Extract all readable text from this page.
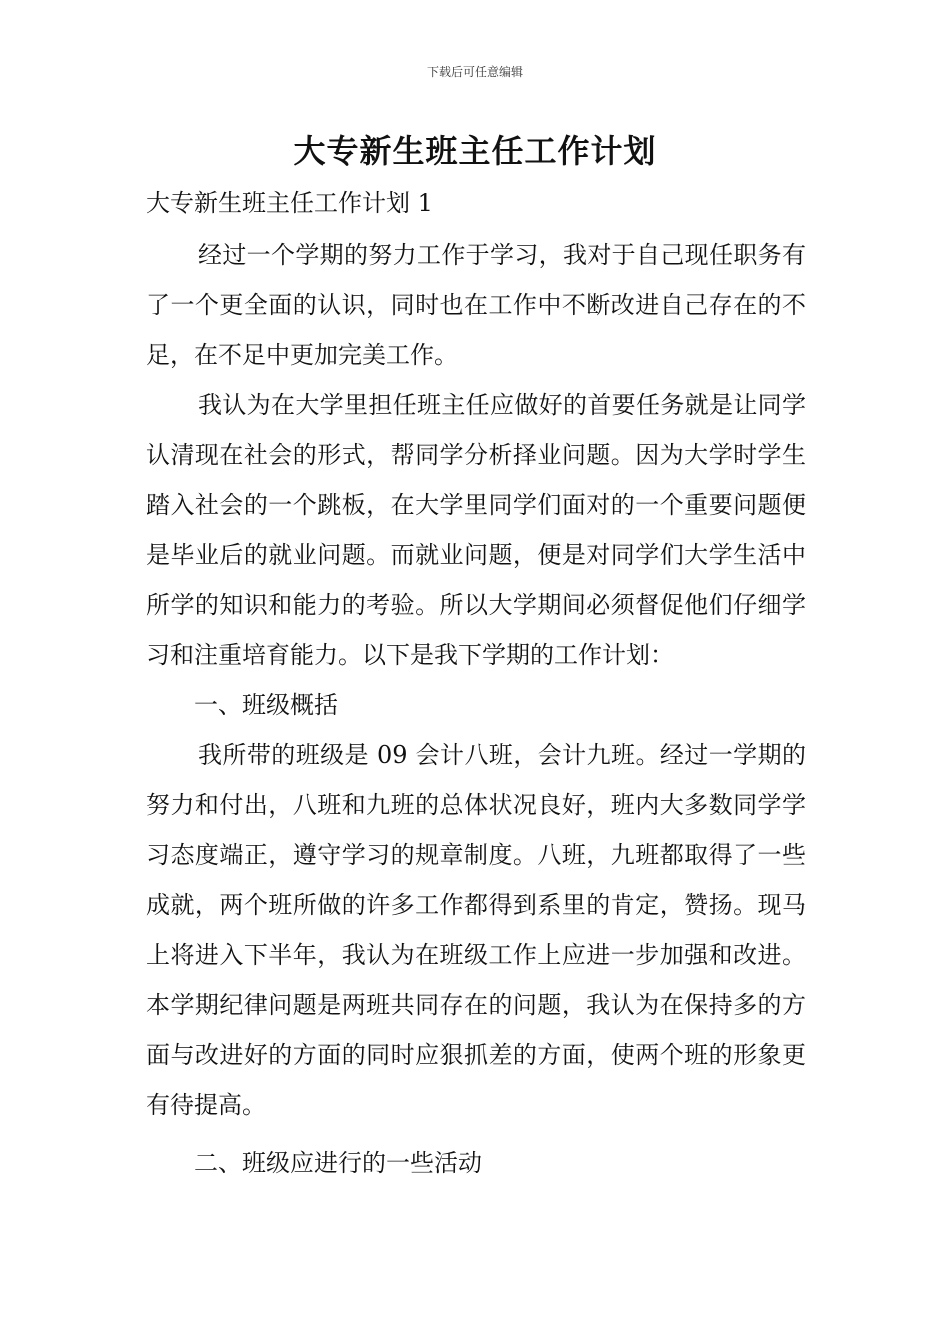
下载后可任意编辑
大专新生班主任工作计划

大专新生班主任工作计划 1

经过一个学期的努力工作于学习，我对于自己现任职务有了一个更全面的认识，同时也在工作中不断改进自己存在的不足，在不足中更加完美工作。

我认为在大学里担任班主任应做好的首要任务就是让同学认清现在社会的形式，帮同学分析择业问题。因为大学时学生踏入社会的一个跳板，在大学里同学们面对的一个重要问题便是毕业后的就业问题。而就业问题，便是对同学们大学生活中所学的知识和能力的考验。所以大学期间必须督促他们仔细学习和注重培育能力。以下是我下学期的工作计划：

一、班级概括

我所带的班级是 09 会计八班，会计九班。经过一学期的努力和付出，八班和九班的总体状况良好，班内大多数同学学习态度端正，遵守学习的规章制度。八班，九班都取得了一些成就，两个班所做的许多工作都得到系里的肯定，赞扬。现马上将进入下半年，我认为在班级工作上应进一步加强和改进。本学期纪律问题是两班共同存在的问题，我认为在保持多的方面与改进好的方面的同时应狠抓差的方面，使两个班的形象更有待提高。

二、班级应进行的一些活动
